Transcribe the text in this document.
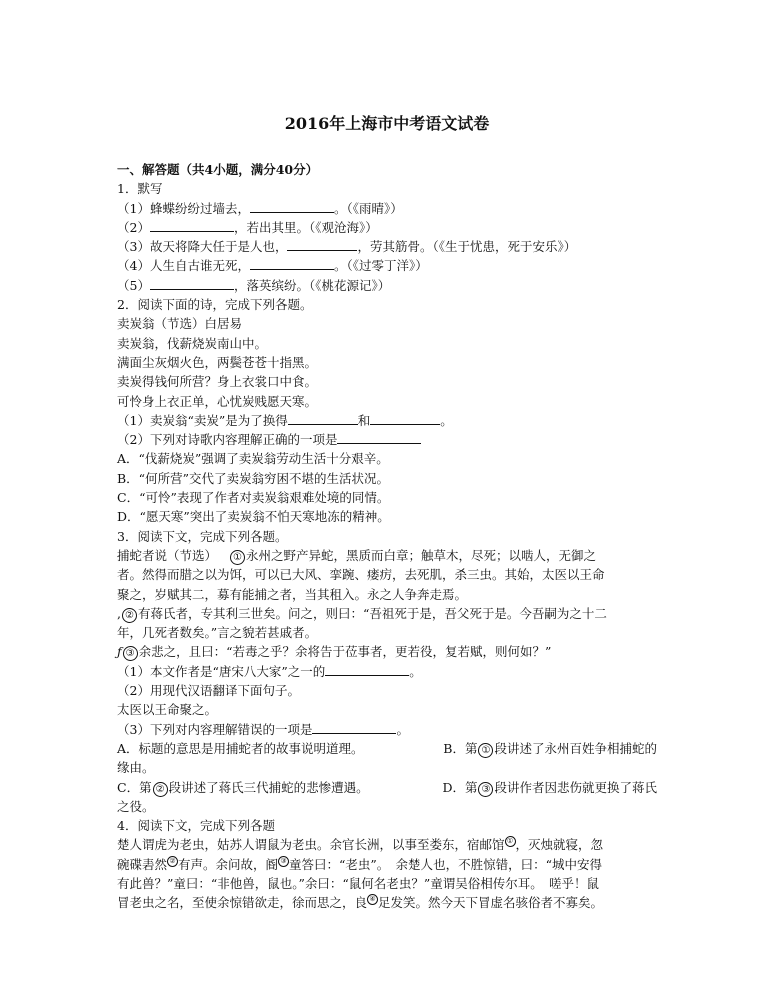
2016年上海市中考语文试卷
一、解答题（共4小题，满分40分）
1．默写
（1）蜂蝶纷纷过墙去，	。（《雨晴》）
（2）	，若出其里。（《观沧海》）
（3）故天将降大任于是人也，	，劳其筋骨。（《生于忧患，死于安乐》）
（4）人生自古谁无死，	。（《过零丁洋》）
（5）	，落英缤纷。（《桃花源记》）
2．阅读下面的诗，完成下列各题。
卖炭翁（节选）白居易
卖炭翁，伐薪烧炭南山中。
满面尘灰烟火色，两鬓苍苍十指黑。
卖炭得钱何所营？身上衣裳口中食。
可怜身上衣正单，心忧炭贱愿天寒。
（1）卖炭翁“卖炭”是为了换得	和	。
（2）下列对诗歌内容理解正确的一项是
A．“伐薪烧炭”强调了卖炭翁劳动生活十分艰辛。
B．“何所营”交代了卖炭翁穷困不堪的生活状况。
C．“可怜”表现了作者对卖炭翁艰难处境的同情。
D．“愿天寒”突出了卖炭翁不怕天寒地冻的精神。
3．阅读下文，完成下列各题。
捕蛇者说（节选） ① 永州之野产异蛇，黑质而白章；触草木，尽死；以啮人，无御之
者。然得而腊之以为饵，可以已大风、挛踠、瘘疠，去死肌，杀三虫。其始，太医以王命
聚之，岁赋其二，募有能捕之者，当其租入。永之人争奔走焉。
, ② 有蒋氏者，专其利三世矣。问之，则曰：“吾祖死于是，吾父死于是。今吾嗣为之十二
年，几死者数矣。”言之貌若甚戚者。
ƒ ③ 余悲之，且曰：“若毒之乎？余将告于莅事者，更若役，复若赋，则何如？”
（1）本文作者是“唐宋八大家”之一的	。
（2）用现代汉语翻译下面句子。
太医以王命聚之。
（3）下列对内容理解错误的一项是	。
A．标题的意思是用捕蛇者的故事说明道理。	B．第 ① 段讲述了永州百姓争相捕蛇的
缘由。
C．第 ② 段讲述了蒋氏三代捕蛇的悲惨遭遇。	D．第 ③ 段讲作者因悲伤就更换了蒋氏
之役。
4．阅读下文，完成下列各题
楚人谓虎为老虫，姑苏人谓鼠为老虫。余官长洲，以事至娄东，宿邮馆 ① ，灭烛就寝，忽
碗碟砉然 ② 有声。余问故，阍 ③ 童答曰：“老虫”。　余楚人也，不胜惊错，曰：“城中安得
有此兽？”童曰：“非他兽，鼠也。”余曰：“鼠何名老虫？”童谓吴俗相传尔耳。　嗟乎！鼠
冒老虫之名，至使余惊错欲走，徐而思之，良 ④ 足发笑。然今天下冒虚名骇俗者不寡矣。
